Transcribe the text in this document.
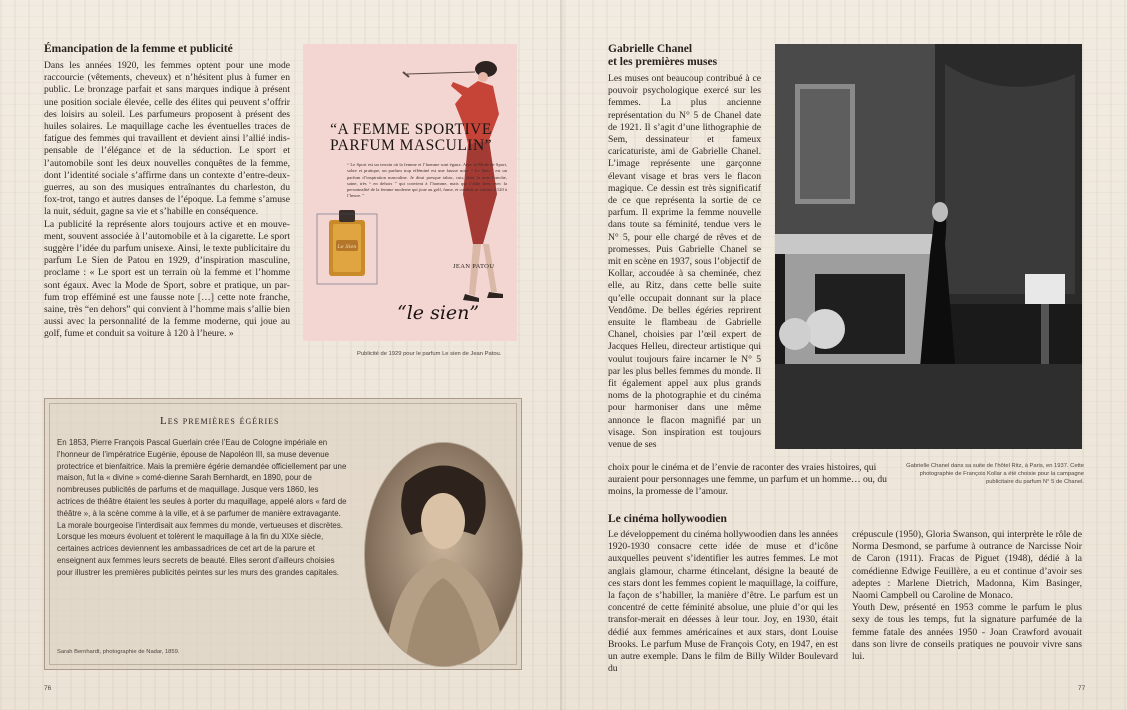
Émancipation de la femme et publicité

Dans les années 1920, les femmes optent pour une mode raccourcie (vêtements, cheveux) et n’hésitent plus à fumer en public. Le bronzage parfait et sans marques indique à présent une position sociale élevée, celle des élites qui peuvent s’offrir des loisirs au soleil. Les parfumeurs proposent à présent des huiles solaires. Le maquillage cache les éventuelles traces de fatigue des femmes qui travaillent et devient ainsi l’allié indis-pensable de l’élégance et de la séduction. Le sport et l’automobile sont les deux nouvelles conquêtes de la femme, dont l’identité sociale s’affirme dans un contexte d’entre-deux-guerres, au son des musiques entraînantes du charleston, du fox-trot, tango et autres danses de l’époque. La femme s’amuse la nuit, séduit, gagne sa vie et s’habille en conséquence.

La publicité la représente alors toujours active et en mouve-ment, souvent associée à l’automobile et à la cigarette. Le sport suggère l’idée du parfum unisexe. Ainsi, le texte publicitaire du parfum Le Sien de Patou en 1929, d’inspiration masculine, proclame : « Le sport est un terrain où la femme et l’homme sont égaux. Avec la Mode de Sport, sobre et pratique, un par-fum trop efféminé est une fausse note […] cette note franche, saine, très “en dehors” qui convient à l’homme mais s’allie bien aussi avec la personnalité de la femme moderne, qui joue au golf, fume et conduit sa voiture à 120 à l’heure. »

Le Sien
“A FEMME SPORTIVE
PARFUM MASCULIN”
“ Le Sport est un terrain où la femme et l’homme sont égaux. Avec la Mode de Sport, sobre et pratique, un parfum trop efféminé est une fausse note. “ Le Sien ” est un parfum d’inspiration masculine. Je dirai presque tabac, cuir, dont la note franche, saine, très “ en dehors ” qui convient à l’homme, mais qui s’allie bien avec la personnalité de la femme moderne qui joue au golf, fume, et conduit sa voiture à 120 à l’heure. ”
JEAN PATOU
“le sien”
Publicité de 1929 pour le parfum Le sien de Jean Patou.
Les premières égéries
En 1853, Pierre François Pascal Guerlain crée l’Eau de Cologne impériale en l’honneur de l’impératrice Eugénie, épouse de Napoléon III, sa muse devenue protectrice et bienfaitrice. Mais la première égérie demandée officiellement par une maison, fut la « divine » comé-dienne Sarah Bernhardt, en 1890, pour de nombreuses publicités de parfums et de maquillage. Jusque vers 1860, les actrices de théâtre étaient les seules à porter du maquillage, appelé alors « fard de théâtre », à la scène comme à la ville, et à se parfumer de manière extravagante. La morale bourgeoise l’interdisait aux femmes du monde, vertueuses et discrètes. Lorsque les mœurs évoluent et tolèrent le maquillage à la fin du XIXe siècle, certaines actrices deviennent les ambassadrices de cet art de la parure et enseignent aux femmes leurs secrets de beauté. Elles seront d’ailleurs choisies pour illustrer les premières publicités peintes sur les murs des grandes capitales.
Sarah Bernhardt, photographie de Nadar, 1859.
76
Gabrielle Chanel
et les premières muses
Les muses ont beaucoup contribué à ce pouvoir psychologique exercé sur les femmes. La plus ancienne représentation du N° 5 de Chanel date de 1921. Il s’agit d’une lithographie de Sem, dessinateur et fameux caricaturiste, ami de Gabrielle Chanel. L’image représente une garçonne élevant visage et bras vers le flacon magique. Ce dessin est très significatif de ce que représenta la sortie de ce parfum. Il exprime la femme nouvelle dans toute sa féminité, tendue vers le N° 5, pour elle chargé de rêves et de promesses. Puis Gabrielle Chanel se mit en scène en 1937, sous l’objectif de Kollar, accoudée à sa cheminée, chez elle, au Ritz, dans cette belle suite qu’elle occupait donnant sur la place Vendôme. De belles égéries reprirent ensuite le flambeau de Gabrielle Chanel, choisies par l’œil expert de Jacques Helleu, directeur artistique qui voulut toujours faire incarner le N° 5 par les plus belles femmes du monde. Il fit également appel aux plus grands noms de la photographie et du cinéma pour harmoniser dans une même annonce le flacon magnifié par un visage. Son inspiration est toujours venue de ses
choix pour le cinéma et de l’envie de raconter des vraies histoires, qui auraient pour personnages une femme, un parfum et un homme… ou, du moins, la promesse de l’amour.
Gabrielle Chanel dans sa suite de l’hôtel Ritz, à Paris, en 1937. Cette photographie de François Kollar a été choisie pour la campagne publicitaire du parfum N° 5 de Chanel.
Le cinéma hollywoodien
Le développement du cinéma hollywoodien dans les années 1920-1930 consacre cette idée de muse et d’icône auxquelles peuvent s’identifier les autres femmes. Le mot anglais glamour, charme étincelant, désigne la beauté de ces stars dont les femmes copient le maquillage, la coiffure, la façon de s’habiller, la manière d’être. Le parfum est un concentré de cette féminité absolue, une pluie d’or qui les transfor-merait en déesses à leur tour. Joy, en 1930, était dédié aux femmes américaines et aux stars, dont Louise Brooks. Le parfum Muse de François Coty, en 1947, en est un autre exemple. Dans le film de Billy Wilder Boulevard du

crépuscule (1950), Gloria Swanson, qui interprète le rôle de Norma Desmond, se parfume à outrance de Narcisse Noir de Caron (1911). Fracas de Piguet (1948), dédié à la comédienne Edwige Feuillère, a eu et continue d’avoir ses adeptes : Marlene Dietrich, Madonna, Kim Basinger, Naomi Campbell ou Caroline de Monaco.

Youth Dew, présenté en 1953 comme le parfum le plus sexy de tous les temps, fut la signature parfumée de la femme fatale des années 1950 - Joan Crawford avouait dans son livre de conseils pratiques ne pouvoir vivre sans lui.

77
